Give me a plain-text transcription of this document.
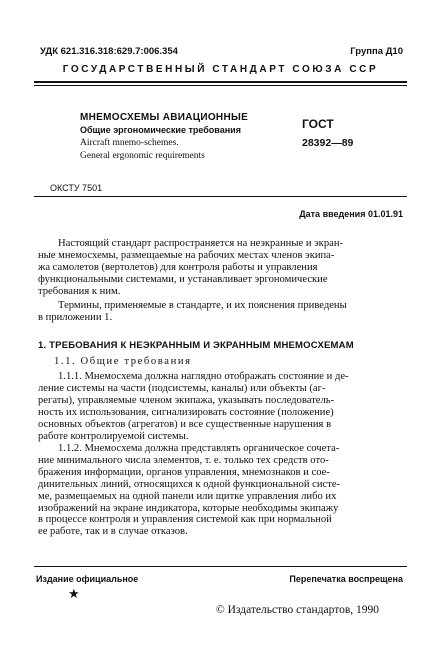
УДК 621.316.318:629.7:006.354	Группа Д10
ГОСУДАРСТВЕННЫЙ СТАНДАРТ СОЮЗА ССР
МНЕМОСХЕМЫ АВИАЦИОННЫЕ
Общие эргономические требования
Aircraft mnemo-schemes.
General ergonomic requirements
ГОСТ
28392—89
ОКСТУ 7501
Дата введения 01.01.91
Настоящий стандарт распространяется на неэкранные и экран-
ные мнемосхемы, размещаемые на рабочих местах членов экипа-
жа самолетов (вертолетов) для контроля работы и управления
функциональными системами, и устанавливает эргономические
требования к ним.
Термины, применяемые в стандарте, и их пояснения приведены
в приложении 1.
1. ТРЕБОВАНИЯ К НЕЭКРАННЫМ И ЭКРАННЫМ МНЕМОСХЕМАМ
1.1. Общие требования
1.1.1. Мнемосхема должна наглядно отображать состояние и де-
ление системы на части (подсистемы, каналы) или объекты (аг-
регаты), управляемые членом экипажа, указывать последователь-
ность их использования, сигнализировать состояние (положение)
основных объектов (агрегатов) и все существенные нарушения в
работе контролируемой системы.
1.1.2. Мнемосхема должна представлять органическое сочета-
ние минимального числа элементов, т. е. только тех средств ото-
бражения информации, органов управления, мнемознаков и сое-
динительных линий, относящихся к одной функциональной систе-
ме, размещаемых на одной панели или щитке управления либо их
изображений на экране индикатора, которые необходимы экипажу
в процессе контроля и управления системой как при нормальной
ее работе, так и в случае отказов.
Издание официальное	Перепечатка воспрещена
★
© Издательство стандартов, 1990
